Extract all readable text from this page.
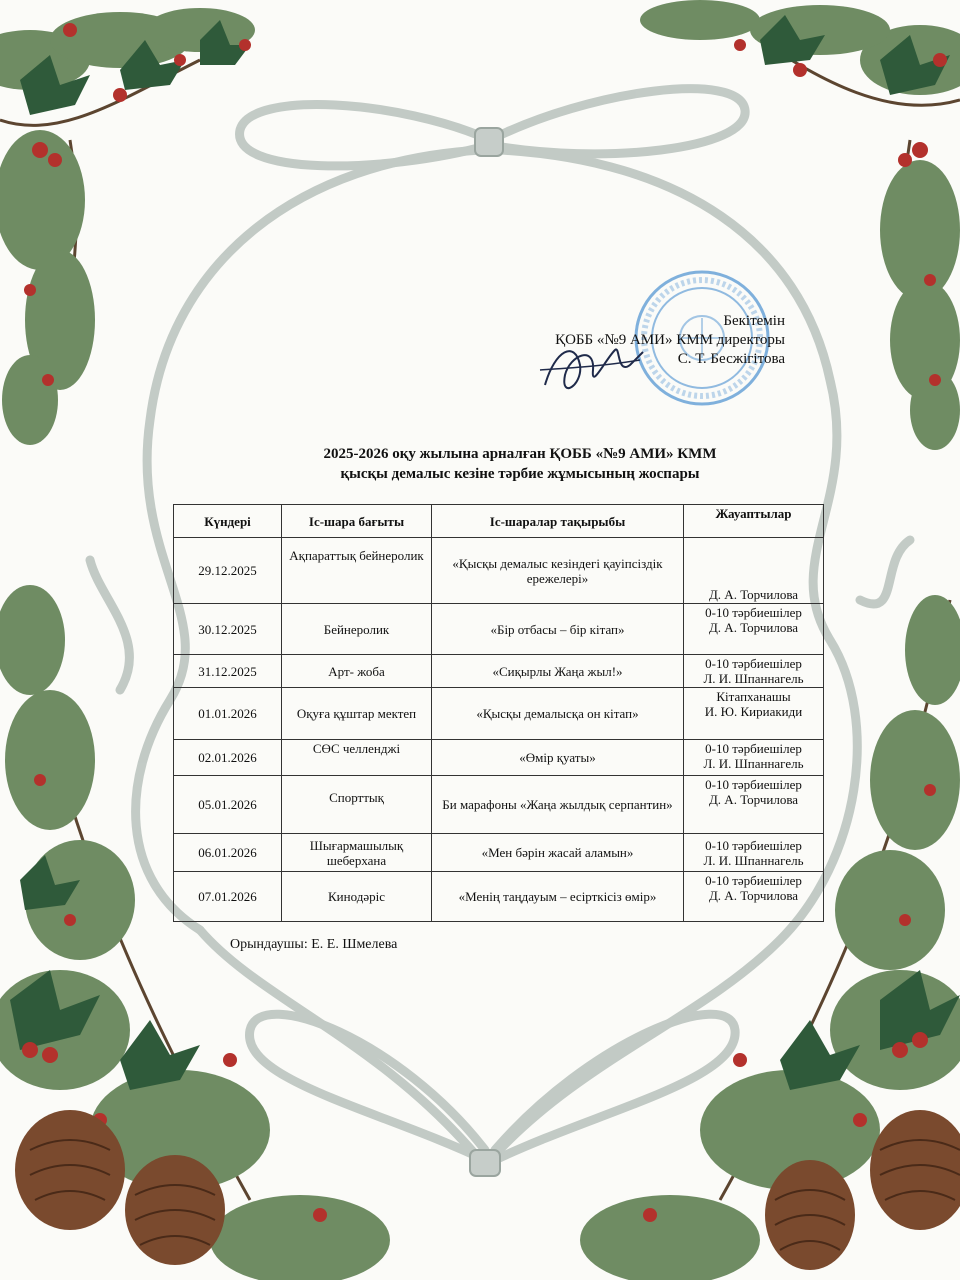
Бекітемін
ҚОББ «№9 АМИ» КММ директоры
С. Т. Бесжігітова
2025-2026 оқу жылына арналған ҚОББ «№9 АМИ» КММ
қысқы демалыс кезіне тәрбие жұмысының жоспары
Күндері	Іс-шара бағыты	Іс-шаралар тақырыбы	Жауаптылар
29.12.2025	Ақпараттық бейнеролик	«Қысқы демалыс кезіндегі қауіпсіздік ережелері»	Д. А. Торчилова

30.12.2025	Бейнеролик	«Бір отбасы – бір кітап»	0-10 тәрбиешілер
Д. А. Торчилова

31.12.2025	Арт- жоба	«Сиқырлы Жаңа жыл!»	0-10 тәрбиешілер
Л. И. Шпаннагель

01.01.2026	Оқуға құштар мектеп	«Қысқы демалысқа он кітап»	Кітапханашы
И. Ю. Кириакиди

02.01.2026	СӨС челленджі	«Өмір қуаты»	0-10 тәрбиешілер
Л. И. Шпаннагель

05.01.2026	Спорттық	Би марафоны «Жаңа жылдық серпантин»	0-10 тәрбиешілер
Д. А. Торчилова

06.01.2026	Шығармашылық шеберхана	«Мен бәрін жасай аламын»	0-10 тәрбиешілер
Л. И. Шпаннагель

07.01.2026	Кинодәріс	«Менің таңдауым – есірткісіз өмір»	0-10 тәрбиешілер
Д. А. Торчилова
Орындаушы: Е. Е. Шмелева
